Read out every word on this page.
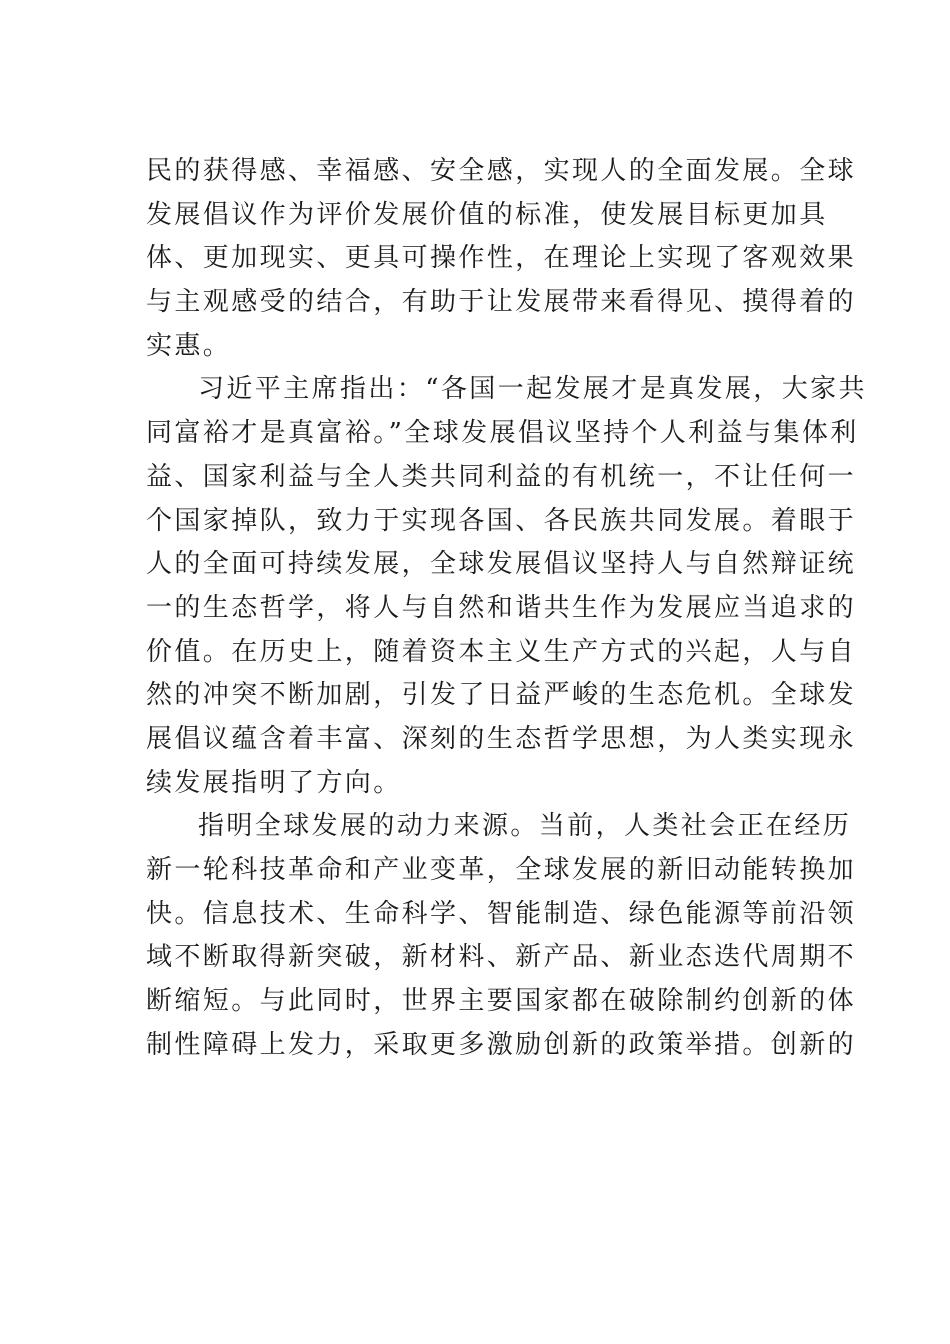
民的获得感、幸福感、安全感，实现人的全面发展。全球
发展倡议作为评价发展价值的标准，使发展目标更加具
体、更加现实、更具可操作性，在理论上实现了客观效果
与主观感受的结合，有助于让发展带来看得见、摸得着的
实惠。
习近平主席指出：“各国一起发展才是真发展，大家共
同富裕才是真富裕。”全球发展倡议坚持个人利益与集体利
益、国家利益与全人类共同利益的有机统一，不让任何一
个国家掉队，致力于实现各国、各民族共同发展。着眼于
人的全面可持续发展，全球发展倡议坚持人与自然辩证统
一的生态哲学，将人与自然和谐共生作为发展应当追求的
价值。在历史上，随着资本主义生产方式的兴起，人与自
然的冲突不断加剧，引发了日益严峻的生态危机。全球发
展倡议蕴含着丰富、深刻的生态哲学思想，为人类实现永
续发展指明了方向。
指明全球发展的动力来源。当前，人类社会正在经历
新一轮科技革命和产业变革，全球发展的新旧动能转换加
快。信息技术、生命科学、智能制造、绿色能源等前沿领
域不断取得新突破，新材料、新产品、新业态迭代周期不
断缩短。与此同时，世界主要国家都在破除制约创新的体
制性障碍上发力，采取更多激励创新的政策举措。创新的
